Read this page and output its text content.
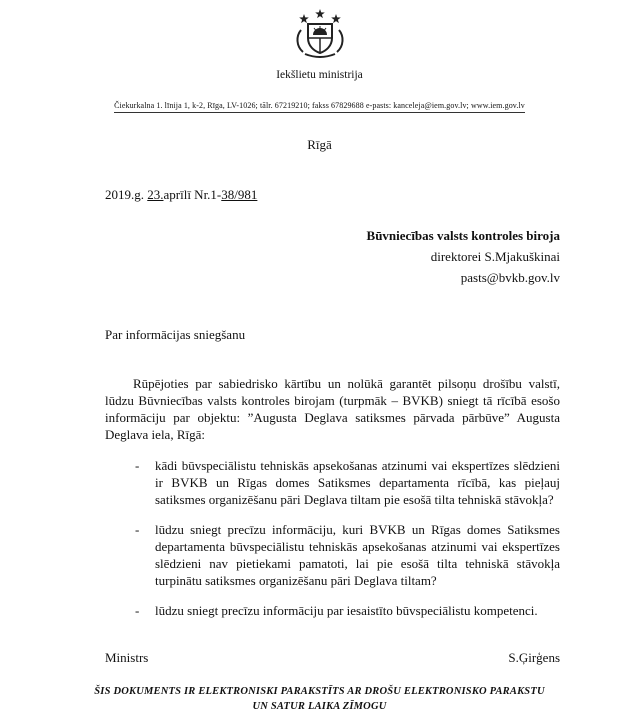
Iekšlietu ministrija
Čiekurkalna 1. līnija 1, k-2, Rīga, LV-1026; tālr. 67219210; fakss 67829688 e-pasts: kanceleja@iem.gov.lv; www.iem.gov.lv
Rīgā
2019.g. 23.aprīlī Nr.1-38/981
Būvniecības valsts kontroles biroja
direktorei S.Mjakuškinai
pasts@bvkb.gov.lv
Par informācijas sniegšanu

Rūpējoties par sabiedrisko kārtību un nolūkā garantēt pilsoņu drošību valstī, lūdzu Būvniecības valsts kontroles birojam (turpmāk – BVKB) sniegt tā rīcībā esošo informāciju par objektu: ”Augusta Deglava satiksmes pārvada pārbūve” Augusta Deglava iela, Rīgā:

-	kādi būvspeciālistu tehniskās apsekošanas atzinumi vai ekspertīzes slēdzieni ir BVKB un Rīgas domes Satiksmes departamenta rīcībā, kas pieļauj satiksmes organizēšanu pāri Deglava tiltam pie esošā tilta tehniskā stāvokļa?
-	lūdzu sniegt precīzu informāciju, kuri BVKB un Rīgas domes Satiksmes departamenta būvspeciālistu tehniskās apsekošanas atzinumi vai ekspertīzes slēdzieni nav pietiekami pamatoti, lai pie esošā tilta tehniskā stāvokļa turpinātu satiksmes organizēšanu pāri Deglava tiltam?
-	lūdzu sniegt precīzu informāciju par iesaistīto būvspeciālistu kompetenci.
Ministrs	S.Ģirģens
ŠIS DOKUMENTS IR ELEKTRONISKI PARAKSTĪTS AR DROŠU ELEKTRONISKO PARAKSTU
UN SATUR LAIKA ZĪMOGU
